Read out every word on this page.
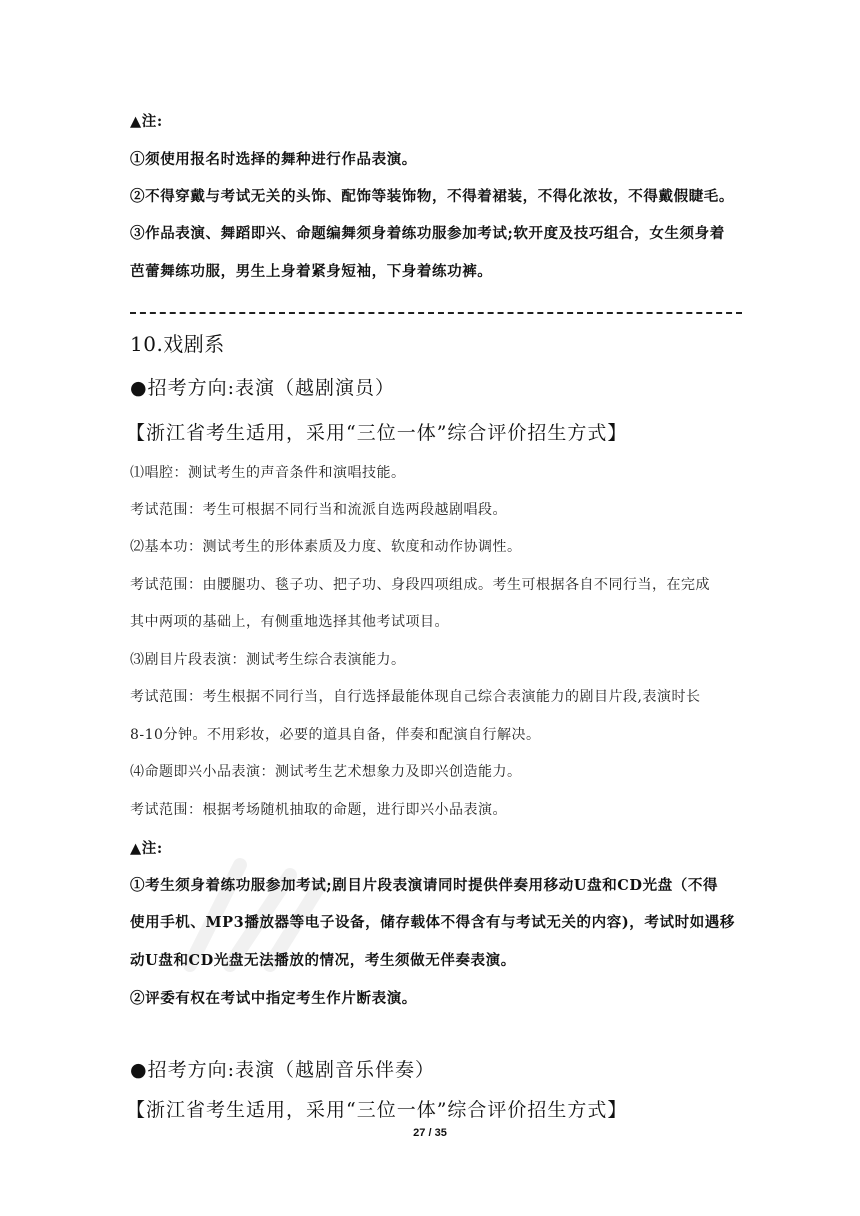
▲注:
①须使用报名时选择的舞种进行作品表演。
②不得穿戴与考试无关的头饰、配饰等装饰物，不得着裙装，不得化浓妆，不得戴假睫毛。
③作品表演、舞蹈即兴、命题编舞须身着练功服参加考试;软开度及技巧组合，女生须身着
芭蕾舞练功服，男生上身着紧身短袖，下身着练功裤。
10.戏剧系
●招考方向:表演（越剧演员）
【浙江省考生适用，采用“三位一体”综合评价招生方式】
⑴唱腔：测试考生的声音条件和演唱技能。
考试范围：考生可根据不同行当和流派自选两段越剧唱段。
⑵基本功：测试考生的形体素质及力度、软度和动作协调性。
考试范围：由腰腿功、毯子功、把子功、身段四项组成。考生可根据各自不同行当，在完成
其中两项的基础上，有侧重地选择其他考试项目。
⑶剧目片段表演：测试考生综合表演能力。
考试范围：考生根据不同行当，自行选择最能体现自己综合表演能力的剧目片段,表演时长
8-10分钟。不用彩妆，必要的道具自备，伴奏和配演自行解决。
⑷命题即兴小品表演：测试考生艺术想象力及即兴创造能力。
考试范围：根据考场随机抽取的命题，进行即兴小品表演。
▲注:
①考生须身着练功服参加考试;剧目片段表演请同时提供伴奏用移动U盘和CD光盘（不得
使用手机、MP3播放器等电子设备，储存载体不得含有与考试无关的内容)，考试时如遇移
动U盘和CD光盘无法播放的情况，考生须做无伴奏表演。
②评委有权在考试中指定考生作片断表演。
●招考方向:表演（越剧音乐伴奏）
【浙江省考生适用，采用“三位一体”综合评价招生方式】
27 / 35
